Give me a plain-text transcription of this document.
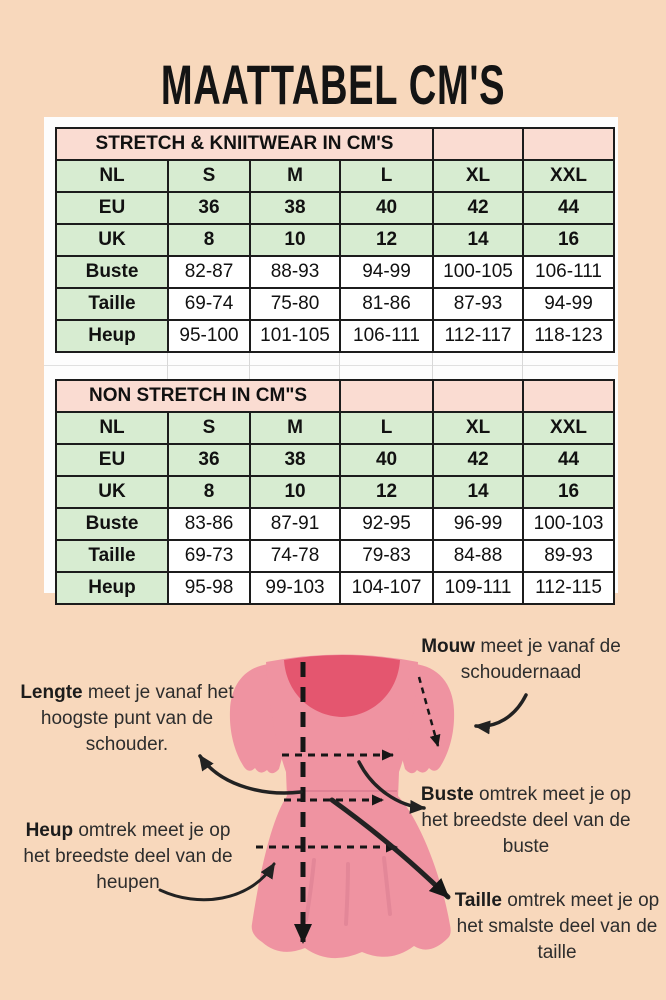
MAATTABEL CM'S
STRETCH & KNIITWEAR IN CM'S					
NL	S	M	L	XL	XXL
EU	36	38	40	42	44
UK	8	10	12	14	16
Buste	82-87	88-93	94-99	100-105	106-111
Taille	69-74	75-80	81-86	87-93	94-99
Heup	95-100	101-105	106-111	112-117	118-123
NON STRETCH IN CM"S					
NL	S	M	L	XL	XXL
EU	36	38	40	42	44
UK	8	10	12	14	16
Buste	83-86	87-91	92-95	96-99	100-103
Taille	69-73	74-78	79-83	84-88	89-93
Heup	95-98	99-103	104-107	109-111	112-115
Mouw meet je vanaf de schoudernaad
Lengte meet je vanaf het hoogste punt van de schouder.
Buste omtrek meet je op het breedste deel van de buste
Heup omtrek meet je op het breedste deel van de heupen
Taille omtrek meet je op het smalste deel van de taille
